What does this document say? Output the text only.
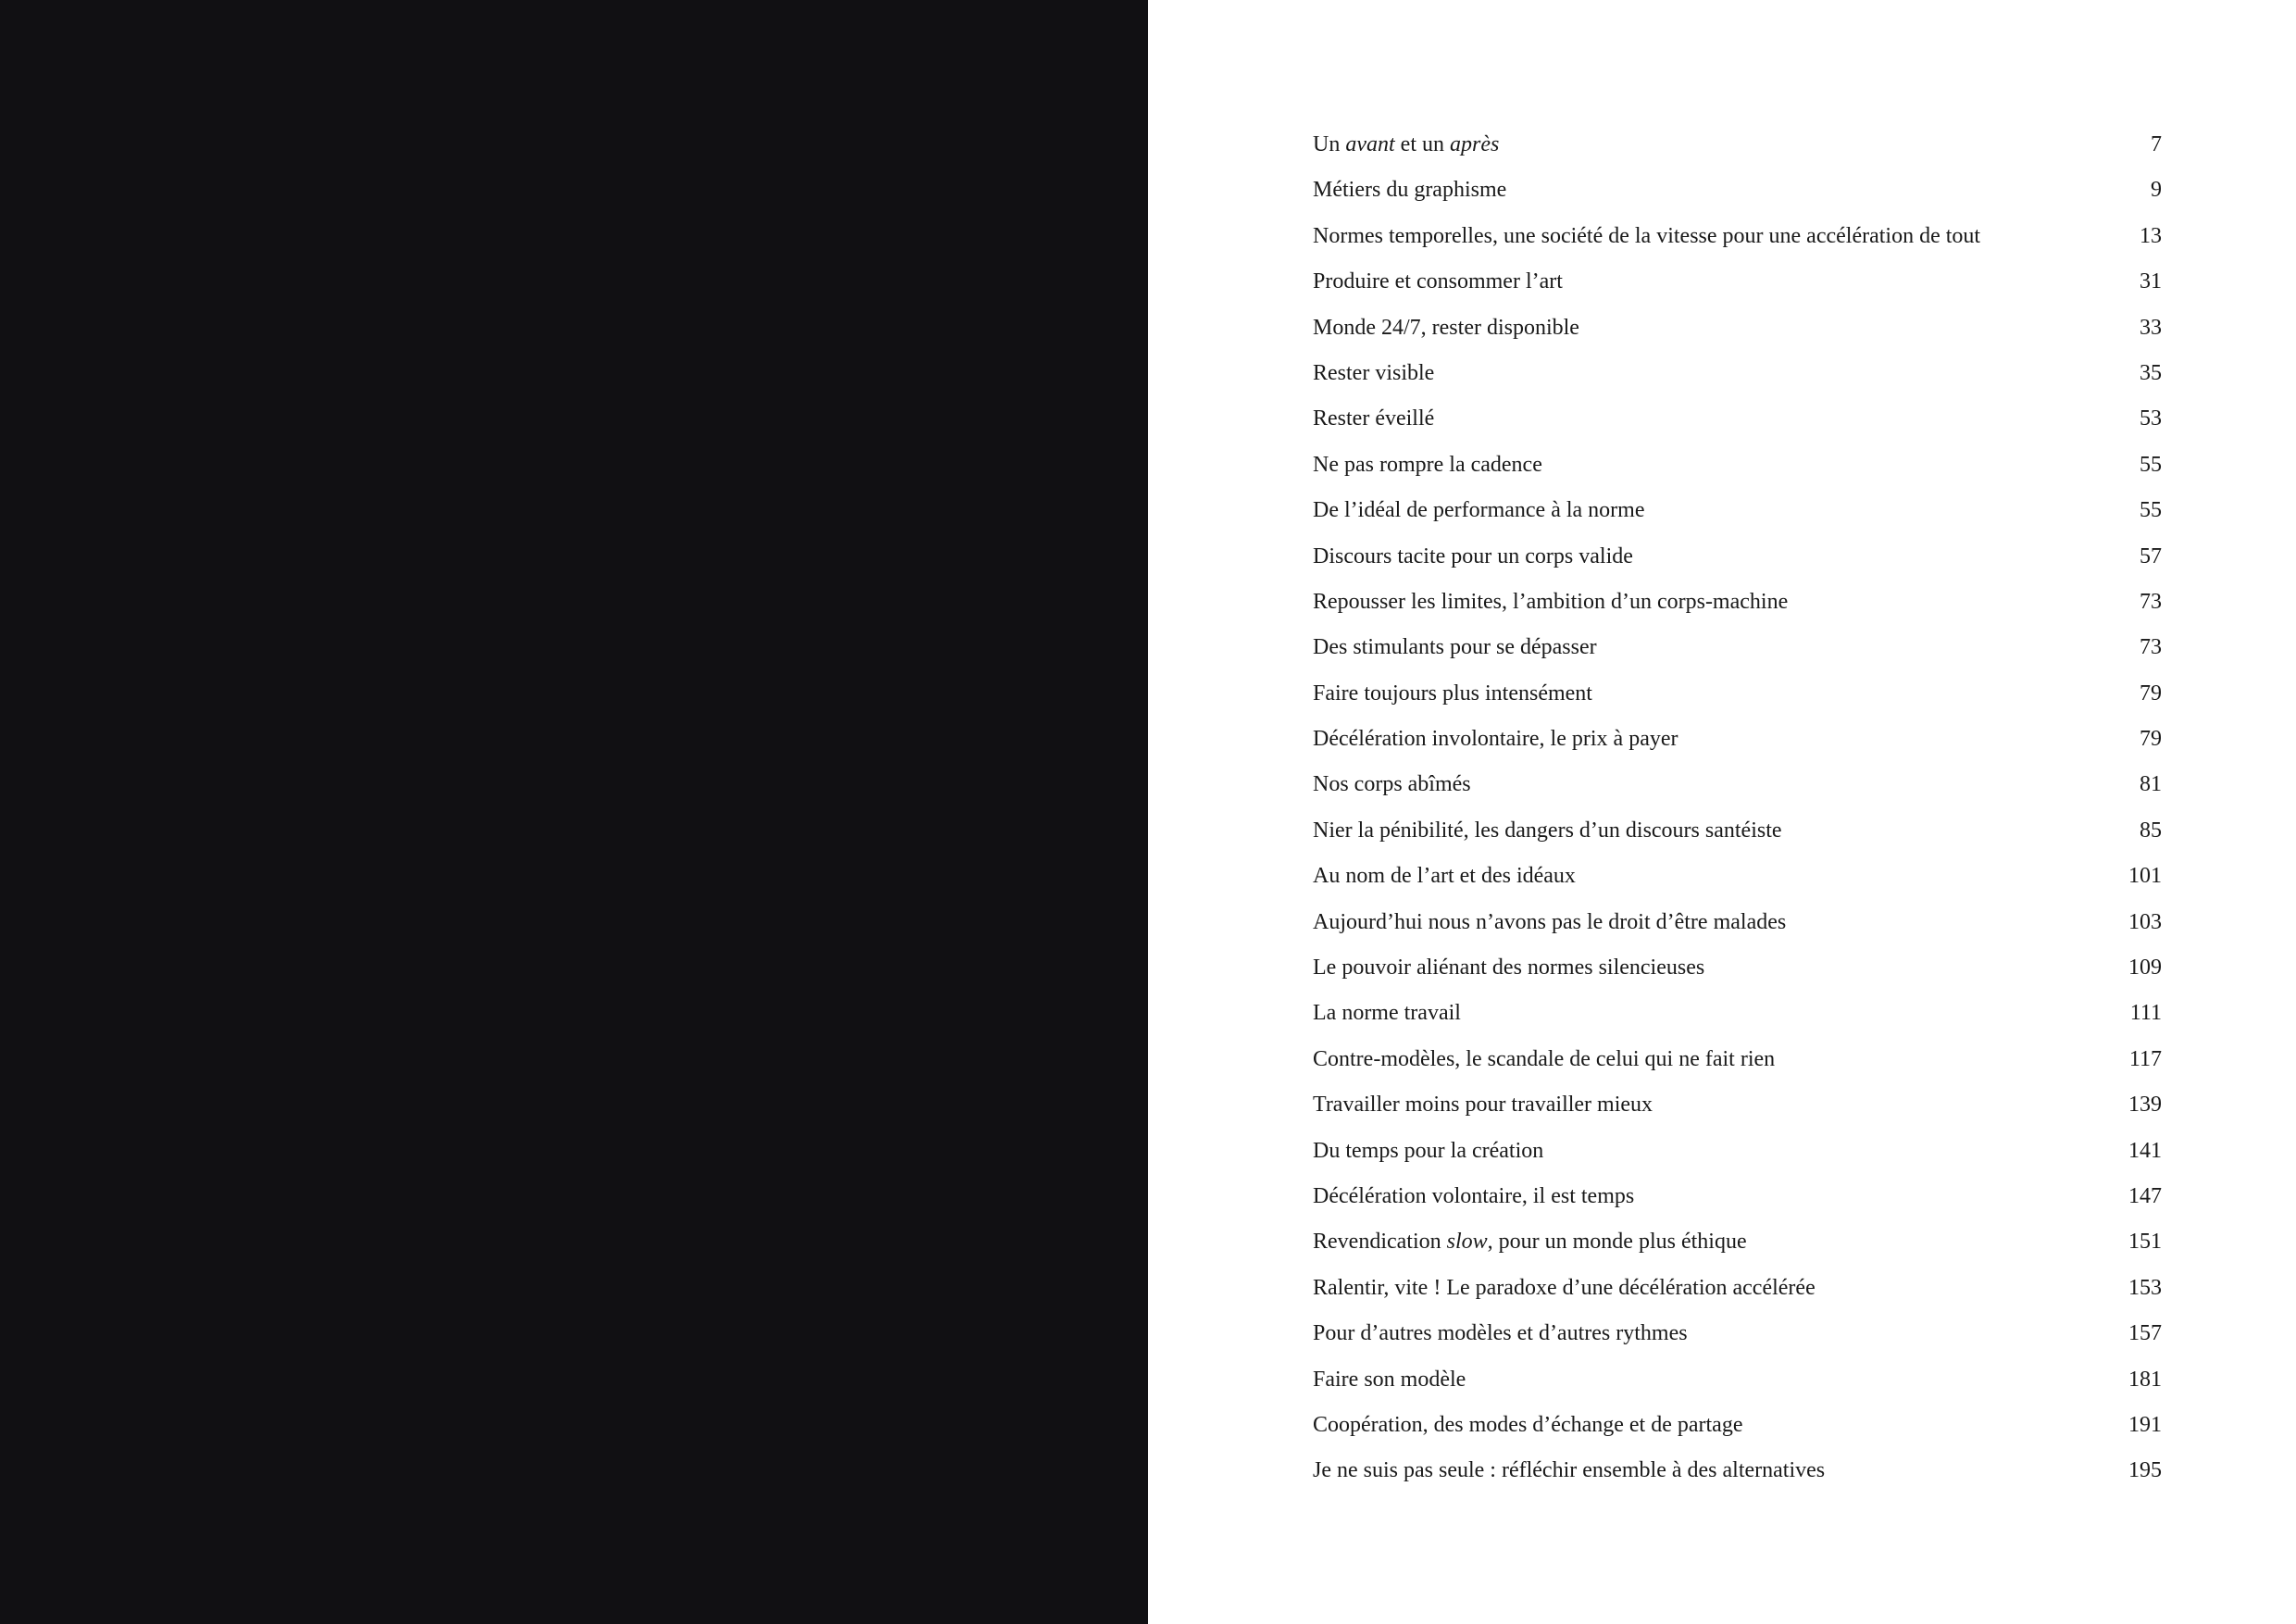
Un avant et un après	7
Métiers du graphisme	9
Normes temporelles, une société de la vitesse pour une accélération de tout	13
Produire et consommer l’art	31
Monde 24/7, rester disponible	33
Rester visible	35
Rester éveillé	53
Ne pas rompre la cadence	55
De l’idéal de performance à la norme	55
Discours tacite pour un corps valide	57
Repousser les limites, l’ambition d’un corps-machine	73
Des stimulants pour se dépasser	73
Faire toujours plus intensément	79
Décélération involontaire, le prix à payer	79
Nos corps abîmés	81
Nier la pénibilité, les dangers d’un discours santéiste	85
Au nom de l’art et des idéaux	101
Aujourd’hui nous n’avons pas le droit d’être malades	103
Le pouvoir aliénant des normes silencieuses	109
La norme travail	111
Contre-modèles, le scandale de celui qui ne fait rien	117
Travailler moins pour travailler mieux	139
Du temps pour la création	141
Décélération volontaire, il est temps	147
Revendication slow, pour un monde plus éthique	151
Ralentir, vite ! Le paradoxe d’une décélération accélérée	153
Pour d’autres modèles et d’autres rythmes	157
Faire son modèle	181
Coopération, des modes d’échange et de partage	191
Je ne suis pas seule : réfléchir ensemble à des alternatives	195
